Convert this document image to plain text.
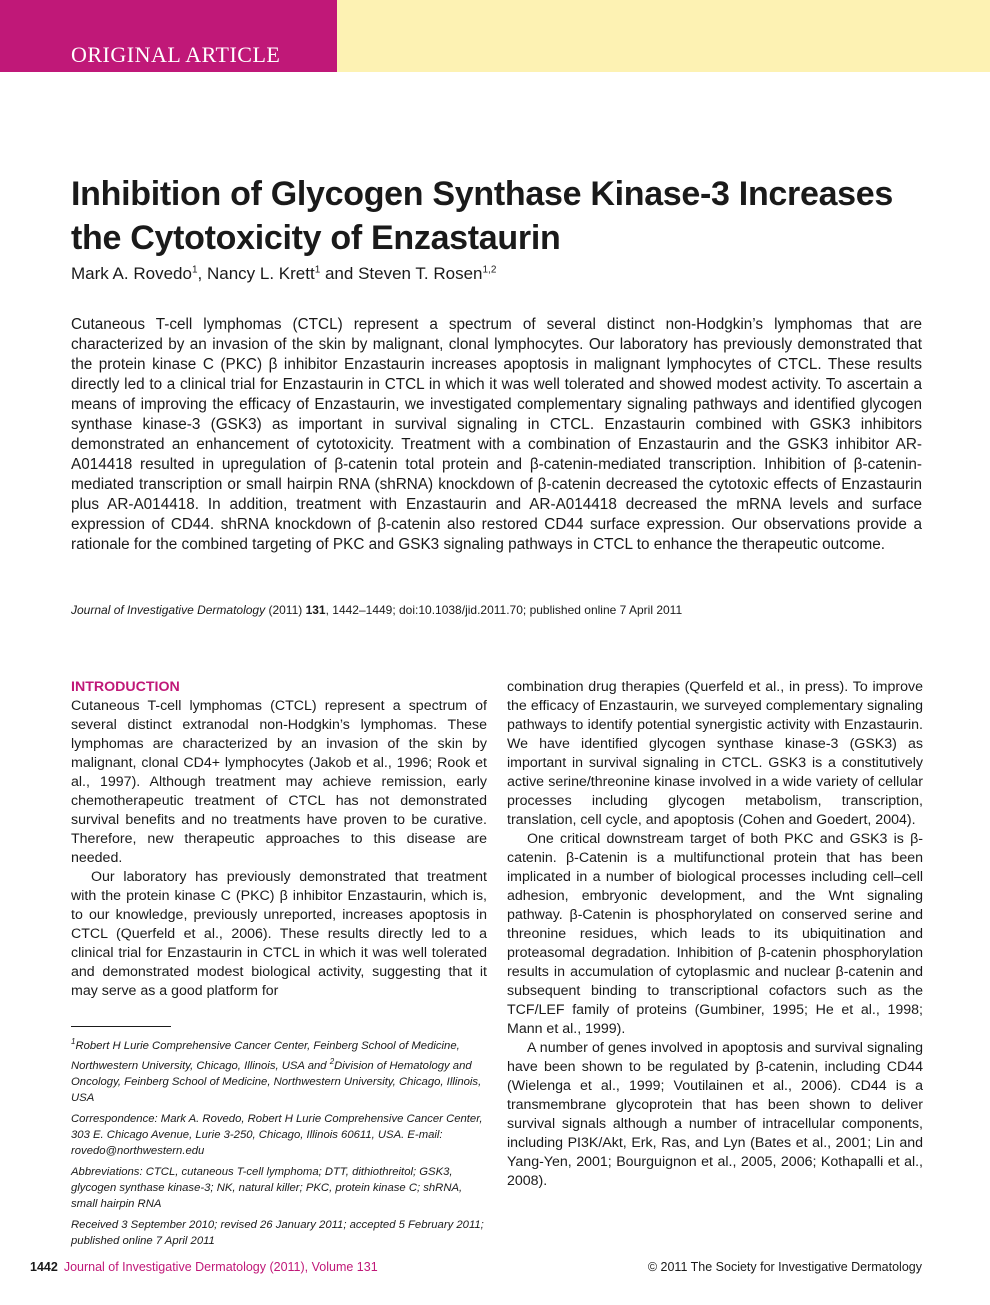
ORIGINAL ARTICLE
Inhibition of Glycogen Synthase Kinase-3 Increases the Cytotoxicity of Enzastaurin
Mark A. Rovedo$^1$, Nancy L. Krett$^1$ and Steven T. Rosen$^{1,2}$

Cutaneous T-cell lymphomas (CTCL) represent a spectrum of several distinct non-Hodgkin’s lymphomas that are characterized by an invasion of the skin by malignant, clonal lymphocytes. Our laboratory has previously demonstrated that the protein kinase C (PKC) β inhibitor Enzastaurin increases apoptosis in malignant lymphocytes of CTCL. These results directly led to a clinical trial for Enzastaurin in CTCL in which it was well tolerated and showed modest activity. To ascertain a means of improving the efficacy of Enzastaurin, we investigated complementary signaling pathways and identified glycogen synthase kinase-3 (GSK3) as important in survival signaling in CTCL. Enzastaurin combined with GSK3 inhibitors demonstrated an enhancement of cytotoxicity. Treatment with a combination of Enzastaurin and the GSK3 inhibitor AR-A014418 resulted in upregulation of β-catenin total protein and β-catenin-mediated transcription. Inhibition of β-catenin-mediated transcription or small hairpin RNA (shRNA) knockdown of β-catenin decreased the cytotoxic effects of Enzastaurin plus AR-A014418. In addition, treatment with Enzastaurin and AR-A014418 decreased the mRNA levels and surface expression of CD44. shRNA knockdown of β-catenin also restored CD44 surface expression. Our observations provide a rationale for the combined targeting of PKC and GSK3 signaling pathways in CTCL to enhance the therapeutic outcome.

Journal of Investigative Dermatology (2011) 131, 1442–1449; doi:10.1038/jid.2011.70; published online 7 April 2011
INTRODUCTION

Cutaneous T-cell lymphomas (CTCL) represent a spectrum of several distinct extranodal non-Hodgkin’s lymphomas. These lymphomas are characterized by an invasion of the skin by malignant, clonal CD4+ lymphocytes (Jakob et al., 1996; Rook et al., 1997). Although treatment may achieve remission, early chemotherapeutic treatment of CTCL has not demonstrated survival benefits and no treatments have proven to be curative. Therefore, new therapeutic approaches to this disease are needed.

Our laboratory has previously demonstrated that treatment with the protein kinase C (PKC) β inhibitor Enzastaurin, which is, to our knowledge, previously unreported, increases apoptosis in CTCL (Querfeld et al., 2006). These results directly led to a clinical trial for Enzastaurin in CTCL in which it was well tolerated and demonstrated modest biological activity, suggesting that it may serve as a good platform for

combination drug therapies (Querfeld et al., in press). To improve the efficacy of Enzastaurin, we surveyed complementary signaling pathways to identify potential synergistic activity with Enzastaurin. We have identified glycogen synthase kinase-3 (GSK3) as important in survival signaling in CTCL. GSK3 is a constitutively active serine/threonine kinase involved in a wide variety of cellular processes including glycogen metabolism, transcription, translation, cell cycle, and apoptosis (Cohen and Goedert, 2004).

One critical downstream target of both PKC and GSK3 is β-catenin. β-Catenin is a multifunctional protein that has been implicated in a number of biological processes including cell–cell adhesion, embryonic development, and the Wnt signaling pathway. β-Catenin is phosphorylated on conserved serine and threonine residues, which leads to its ubiquitination and proteasomal degradation. Inhibition of β-catenin phosphorylation results in accumulation of cytoplasmic and nuclear β-catenin and subsequent binding to transcriptional cofactors such as the TCF/LEF family of proteins (Gumbiner, 1995; He et al., 1998; Mann et al., 1999).

A number of genes involved in apoptosis and survival signaling have been shown to be regulated by β-catenin, including CD44 (Wielenga et al., 1999; Voutilainen et al., 2006). CD44 is a transmembrane glycoprotein that has been shown to deliver survival signals although a number of intracellular components, including PI3K/Akt, Erk, Ras, and Lyn (Bates et al., 2001; Lin and Yang-Yen, 2001; Bourguignon et al., 2005, 2006; Kothapalli et al., 2008).

$^1$Robert H Lurie Comprehensive Cancer Center, Feinberg School of Medicine, Northwestern University, Chicago, Illinois, USA and $^2$Division of Hematology and Oncology, Feinberg School of Medicine, Northwestern University, Chicago, Illinois, USA

Correspondence: Mark A. Rovedo, Robert H Lurie Comprehensive Cancer Center, 303 E. Chicago Avenue, Lurie 3-250, Chicago, Illinois 60611, USA. E-mail: rovedo@northwestern.edu

Abbreviations: CTCL, cutaneous T-cell lymphoma; DTT, dithiothreitol; GSK3, glycogen synthase kinase-3; NK, natural killer; PKC, protein kinase C; shRNA, small hairpin RNA

Received 3 September 2010; revised 26 January 2011; accepted 5 February 2011; published online 7 April 2011

1442 Journal of Investigative Dermatology (2011), Volume 131	© 2011 The Society for Investigative Dermatology
